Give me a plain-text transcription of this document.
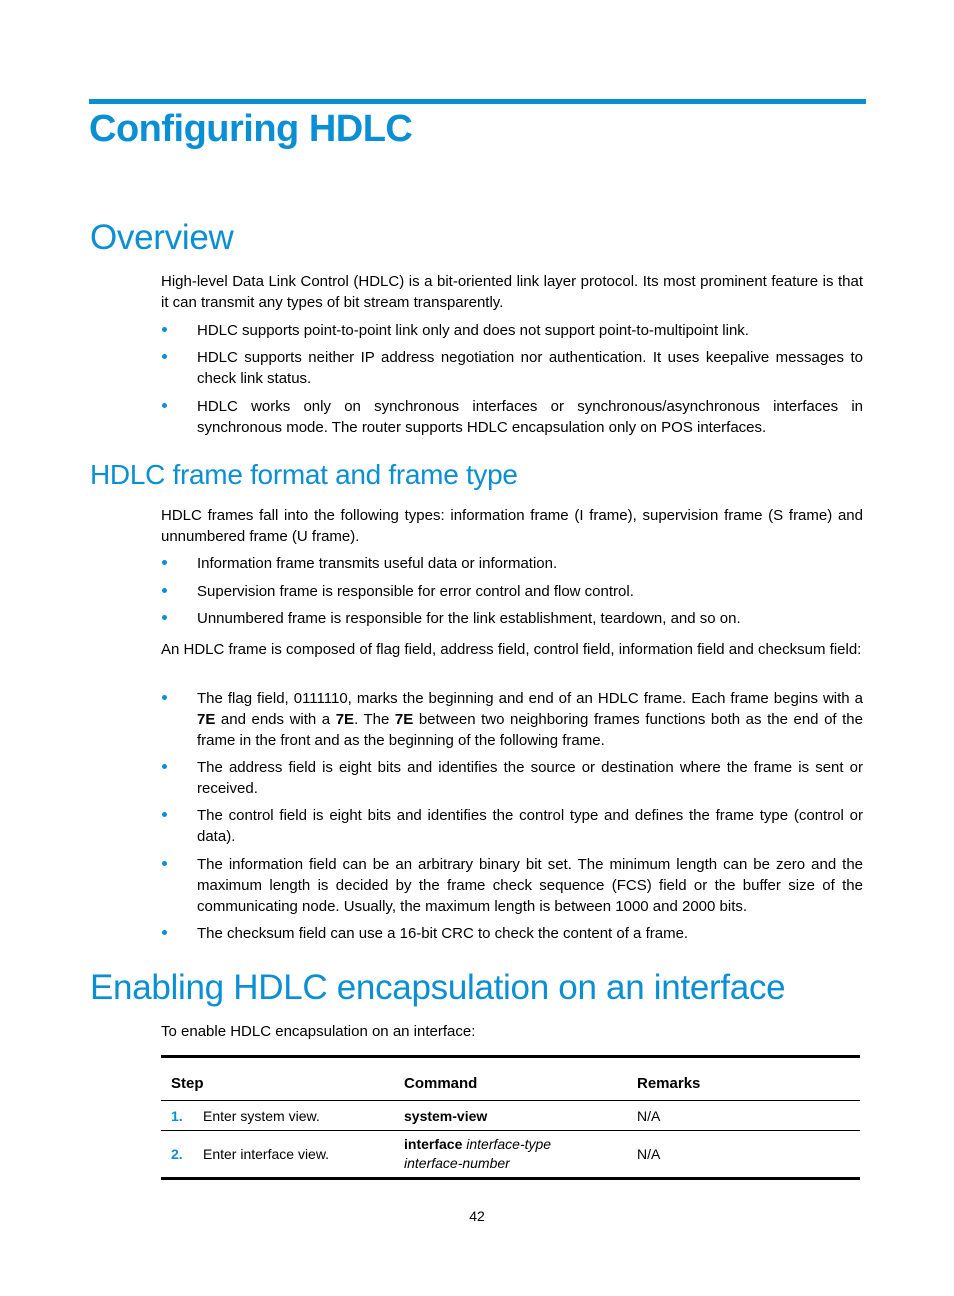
Configuring HDLC
Overview

High-level Data Link Control (HDLC) is a bit-oriented link layer protocol. Its most prominent feature is that it can transmit any types of bit stream transparently.

HDLC supports point-to-point link only and does not support point-to-multipoint link.
HDLC supports neither IP address negotiation nor authentication. It uses keepalive messages to check link status.
HDLC works only on synchronous interfaces or synchronous/asynchronous interfaces in synchronous mode. The router supports HDLC encapsulation only on POS interfaces.
HDLC frame format and frame type

HDLC frames fall into the following types: information frame (I frame), supervision frame (S frame) and unnumbered frame (U frame).

Information frame transmits useful data or information.
Supervision frame is responsible for error control and flow control.
Unnumbered frame is responsible for the link establishment, teardown, and so on.

An HDLC frame is composed of flag field, address field, control field, information field and checksum field:

The flag field, 0111110, marks the beginning and end of an HDLC frame. Each frame begins with a 7E and ends with a 7E. The 7E between two neighboring frames functions both as the end of the frame in the front and as the beginning of the following frame.
The address field is eight bits and identifies the source or destination where the frame is sent or received.
The control field is eight bits and identifies the control type and defines the frame type (control or data).
The information field can be an arbitrary binary bit set. The minimum length can be zero and the maximum length is decided by the frame check sequence (FCS) field or the buffer size of the communicating node. Usually, the maximum length is between 1000 and 2000 bits.
The checksum field can use a 16-bit CRC to check the content of a frame.
Enabling HDLC encapsulation on an interface

To enable HDLC encapsulation on an interface:

Step	Command	Remarks
1. Enter system view.	system-view	N/A
2. Enter interface view.	interface interface-type
interface-number	N/A
42
